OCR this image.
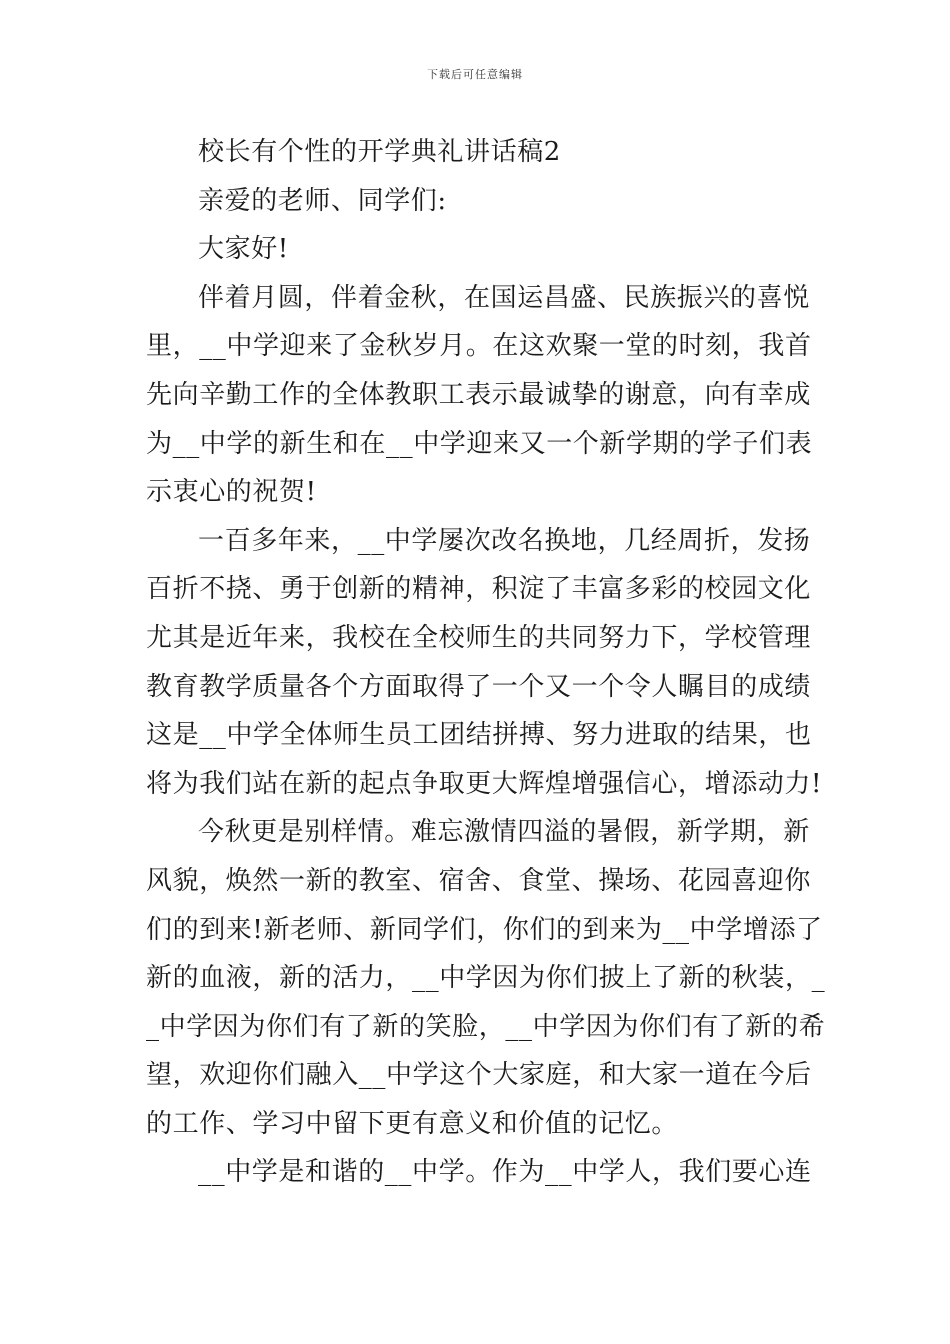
下载后可任意编辑
校长有个性的开学典礼讲话稿2
亲爱的老师、同学们:
大家好!
伴着月圆，伴着金秋，在国运昌盛、民族振兴的喜悦
里，__中学迎来了金秋岁月。在这欢聚一堂的时刻，我首
先向辛勤工作的全体教职工表示最诚挚的谢意，向有幸成
为__中学的新生和在__中学迎来又一个新学期的学子们表
示衷心的祝贺!
一百多年来，__中学屡次改名换地，几经周折，发扬
百折不挠、勇于创新的精神，积淀了丰富多彩的校园文化
尤其是近年来，我校在全校师生的共同努力下，学校管理
教育教学质量各个方面取得了一个又一个令人瞩目的成绩
这是__中学全体师生员工团结拼搏、努力进取的结果，也
将为我们站在新的起点争取更大辉煌增强信心，增添动力!
今秋更是别样情。难忘激情四溢的暑假，新学期，新
风貌，焕然一新的教室、宿舍、食堂、操场、花园喜迎你
们的到来!新老师、新同学们，你们的到来为__中学增添了
新的血液，新的活力，__中学因为你们披上了新的秋装，_
_中学因为你们有了新的笑脸，__中学因为你们有了新的希
望，欢迎你们融入__中学这个大家庭，和大家一道在今后
的工作、学习中留下更有意义和价值的记忆。
__中学是和谐的__中学。作为__中学人，我们要心连
